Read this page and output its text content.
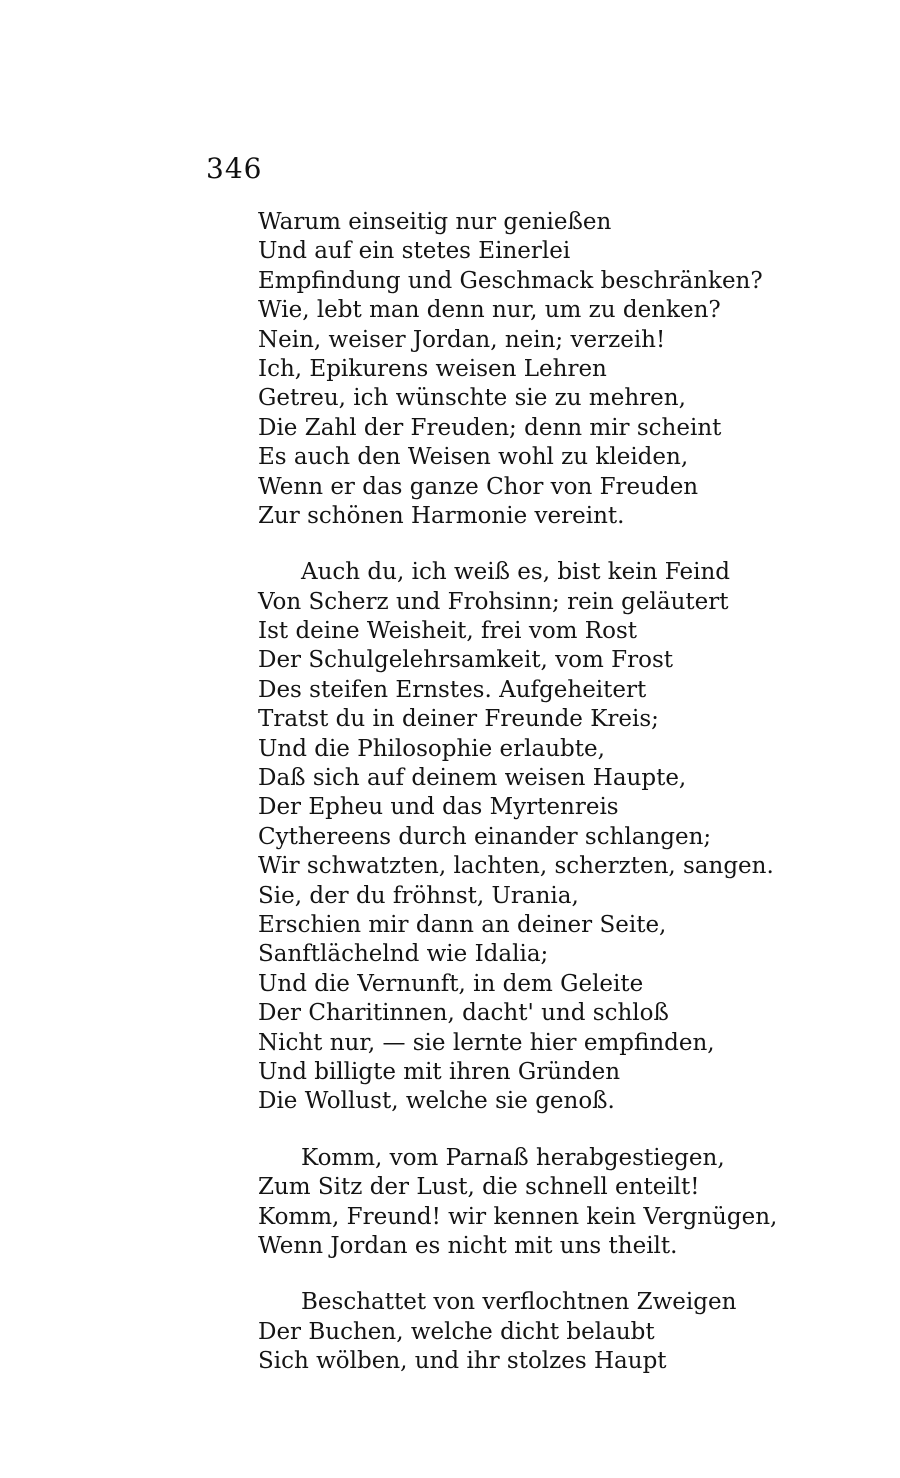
346
Warum einseitig nur genießen
Und auf ein stetes Einerlei
Empfindung und Geschmack beschränken?
Wie, lebt man denn nur, um zu denken?
Nein, weiser Jordan, nein; verzeih!
Ich, Epikurens weisen Lehren
Getreu, ich wünschte sie zu mehren,
Die Zahl der Freuden; denn mir scheint
Es auch den Weisen wohl zu kleiden,
Wenn er das ganze Chor von Freuden
Zur schönen Harmonie vereint.
Auch du, ich weiß es, bist kein Feind
Von Scherz und Frohsinn; rein geläutert
Ist deine Weisheit, frei vom Rost
Der Schulgelehrsamkeit, vom Frost
Des steifen Ernstes. Aufgeheitert
Tratst du in deiner Freunde Kreis;
Und die Philosophie erlaubte,
Daß sich auf deinem weisen Haupte,
Der Epheu und das Myrtenreis
Cythereens durch einander schlangen;
Wir schwatzten, lachten, scherzten, sangen.
Sie, der du fröhnst, Urania,
Erschien mir dann an deiner Seite,
Sanftlächelnd wie Idalia;
Und die Vernunft, in dem Geleite
Der Charitinnen, dacht' und schloß
Nicht nur, — sie lernte hier empfinden,
Und billigte mit ihren Gründen
Die Wollust, welche sie genoß.
Komm, vom Parnaß herabgestiegen,
Zum Sitz der Lust, die schnell enteilt!
Komm, Freund! wir kennen kein Vergnügen,
Wenn Jordan es nicht mit uns theilt.
Beschattet von verflochtnen Zweigen
Der Buchen, welche dicht belaubt
Sich wölben, und ihr stolzes Haupt
